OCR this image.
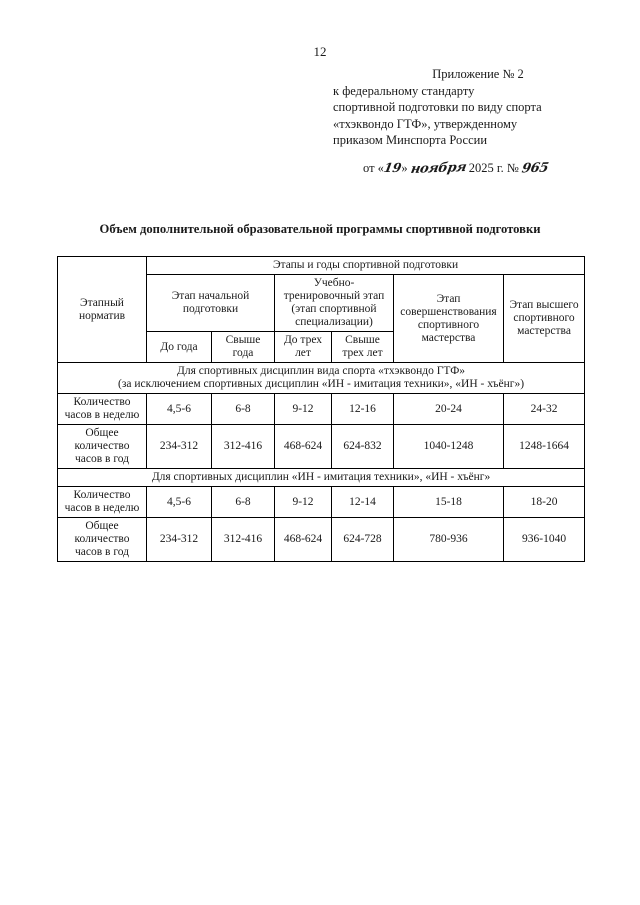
12
Приложение № 2
к федеральному стандарту
спортивной подготовки по виду спорта
«тхэквондо ГТФ», утвержденному
приказом Минспорта России
от «19» ноября 2025 г. № 965
Объем дополнительной образовательной программы спортивной подготовки
Этапный норматив	Этапы и годы спортивной подготовки					
	Этап начальной подготовки		Учебно-тренировочный этап (этап спортивной специализации)		Этап совершенствования спортивного мастерства	Этап высшего спортивного мастерства
	До года	Свыше года	До трех лет	Свыше трех лет		

Для спортивных дисциплин вида спорта «тхэквондо ГТФ»
(за исключением спортивных дисциплин «ИН - имитация техники», «ИН - хъёнг»)						

Количество часов в неделю	4,5-6	6-8	9-12	12-16	20-24	24-32
Общее количество часов в год	234-312	312-416	468-624	624-832	1040-1248	1248-1664
Для спортивных дисциплин «ИН - имитация техники», «ИН - хъёнг»						
Количество часов в неделю	4,5-6	6-8	9-12	12-14	15-18	18-20
Общее количество часов в год	234-312	312-416	468-624	624-728	780-936	936-1040
